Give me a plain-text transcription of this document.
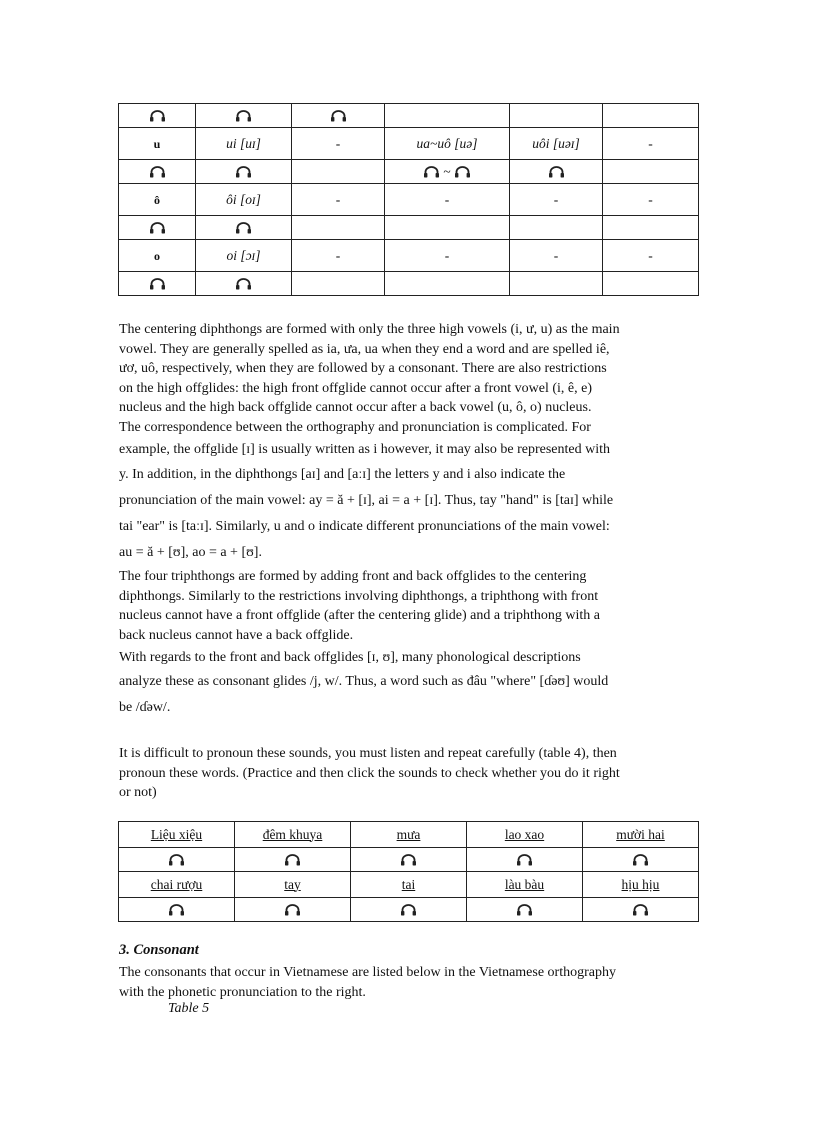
u	ui [uɪ]	-	ua~uô [uə]	uôi [uəɪ]	-

~

ô	ôi [oɪ]	-	-	-	-

o	oi [ɔɪ]	-	-	-	-

The centering diphthongs are formed with only the three high vowels (i, ư, u) as the main

vowel. They are generally spelled as ia, ưa, ua when they end a word and are spelled iê,

ươ, uô, respectively, when they are followed by a consonant. There are also restrictions

on the high offglides: the high front offglide cannot occur after a front vowel (i, ê, e)

nucleus and the high back offglide cannot occur after a back vowel (u, ô, o) nucleus.

The correspondence between the orthography and pronunciation is complicated. For

example, the offglide [ɪ] is usually written as i however, it may also be represented with

y. In addition, in the diphthongs [aɪ] and [aːɪ] the letters y and i also indicate the

pronunciation of the main vowel: ay = ă + [ɪ], ai = a + [ɪ]. Thus, tay "hand" is [taɪ] while

tai "ear" is [taːɪ]. Similarly, u and o indicate different pronunciations of the main vowel:

au = ă + [ʊ], ao = a + [ʊ].

The four triphthongs are formed by adding front and back offglides to the centering

diphthongs. Similarly to the restrictions involving diphthongs, a triphthong with front

nucleus cannot have a front offglide (after the centering glide) and a triphthong with a

back nucleus cannot have a back offglide.

With regards to the front and back offglides [ɪ, ʊ], many phonological descriptions

analyze these as consonant glides /j, w/. Thus, a word such as đâu "where" [ɗəʊ] would

be /ɗəw/.

It is difficult to pronoun these sounds, you must listen and repeat carefully (table 4), then

pronoun these words. (Practice and then click the sounds to check whether you do it right

or not)

Liệu xiệu	đêm khuya	mưa	lao xao	mười hai

chai rượu	tay	tai	làu bàu	hịu hịu

3. Consonant

The consonants that occur in Vietnamese are listed below in the Vietnamese orthography

with the phonetic pronunciation to the right.

Table 5
